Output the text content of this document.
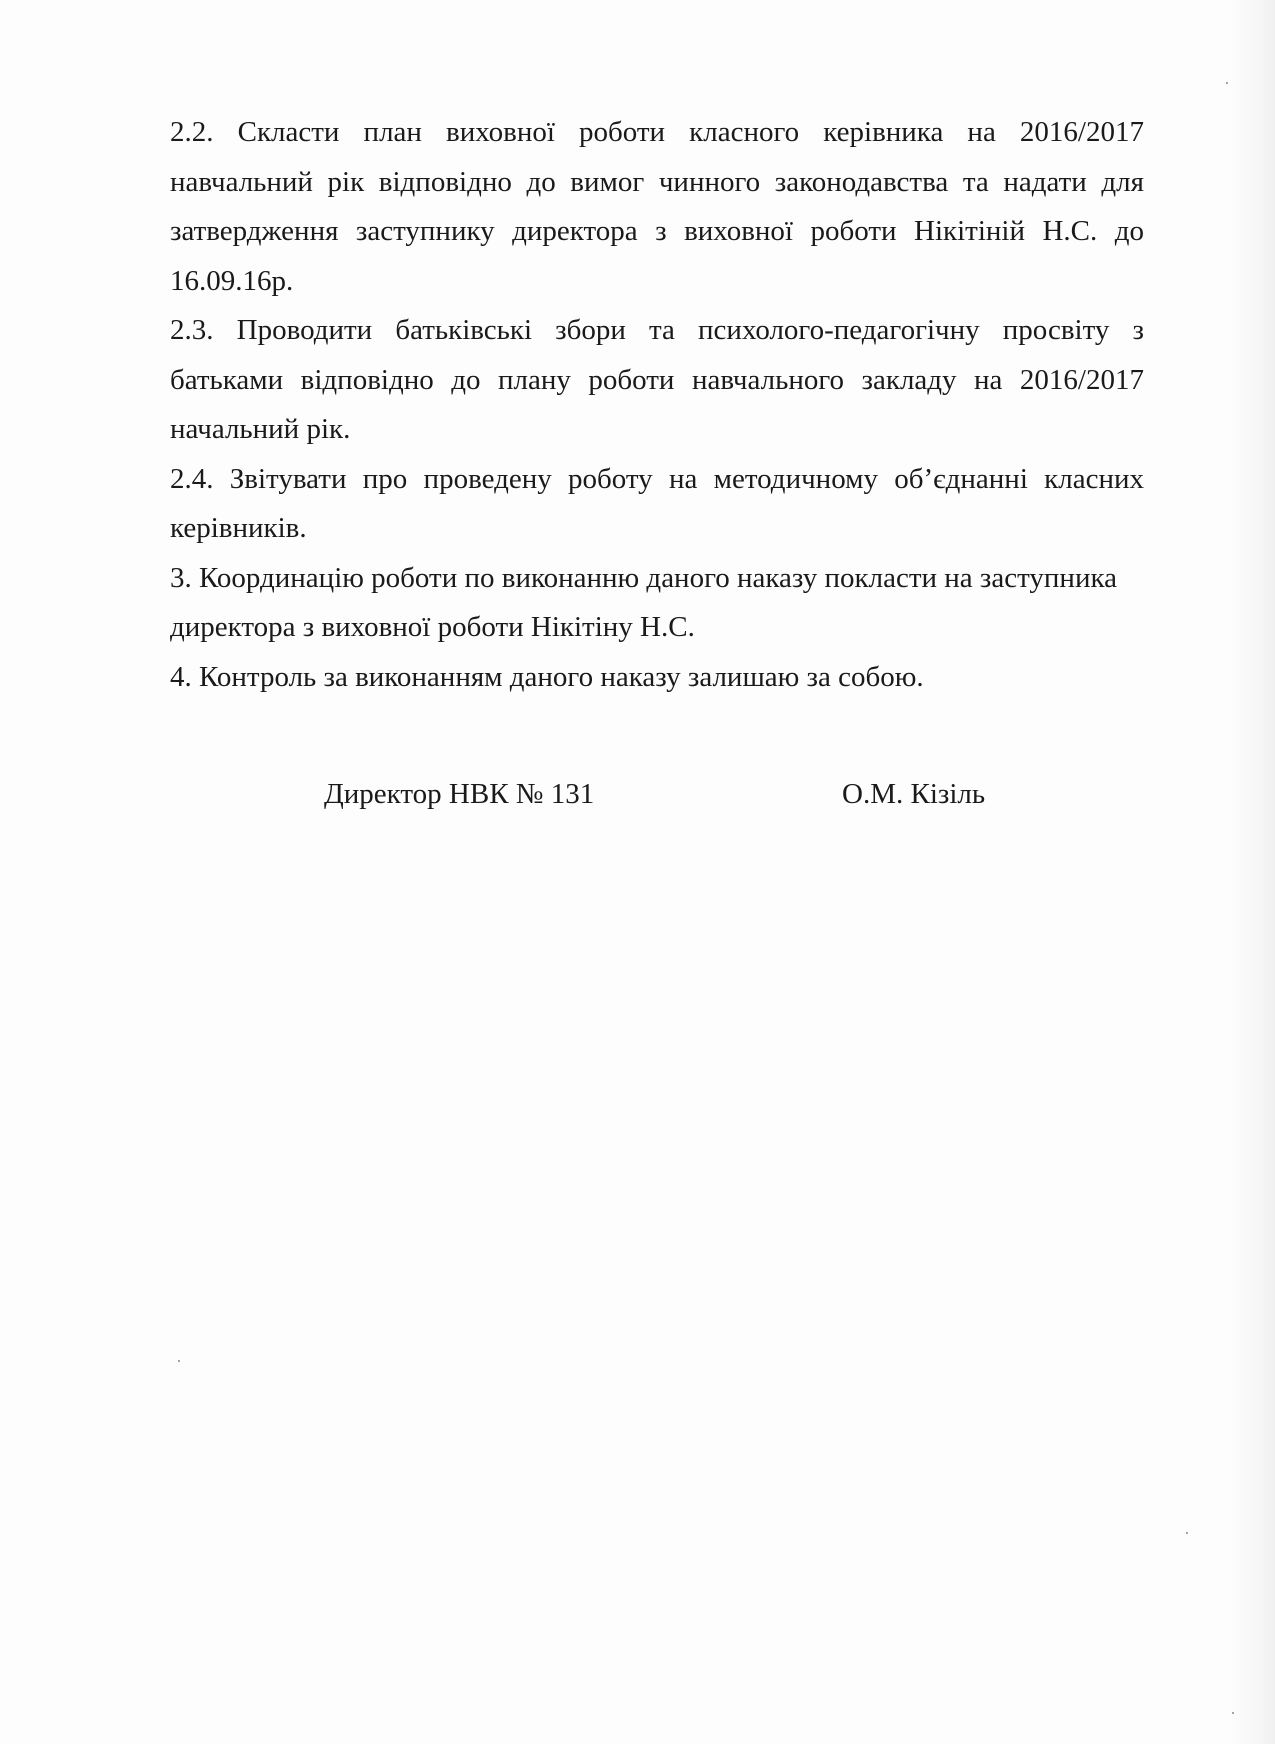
2.2. Скласти план виховної роботи класного керівника на 2016/2017 навчальний рік відповідно до вимог чинного законодавства та надати для затвердження заступнику директора з виховної роботи Нікітіній Н.С. до 16.09.16р.

2.3. Проводити батьківські збори та психолого-педагогічну просвіту з батьками відповідно до плану роботи навчального закладу на 2016/2017 начальний рік.

2.4. Звітувати про проведену роботу на методичному об’єднанні класних керівників.

3. Координацію роботи по виконанню даного наказу покласти на заступника директора з виховної роботи Нікітіну Н.С.

4. Контроль за виконанням даного наказу залишаю за собою.

Директор НВК № 131	О.М. Кізіль
